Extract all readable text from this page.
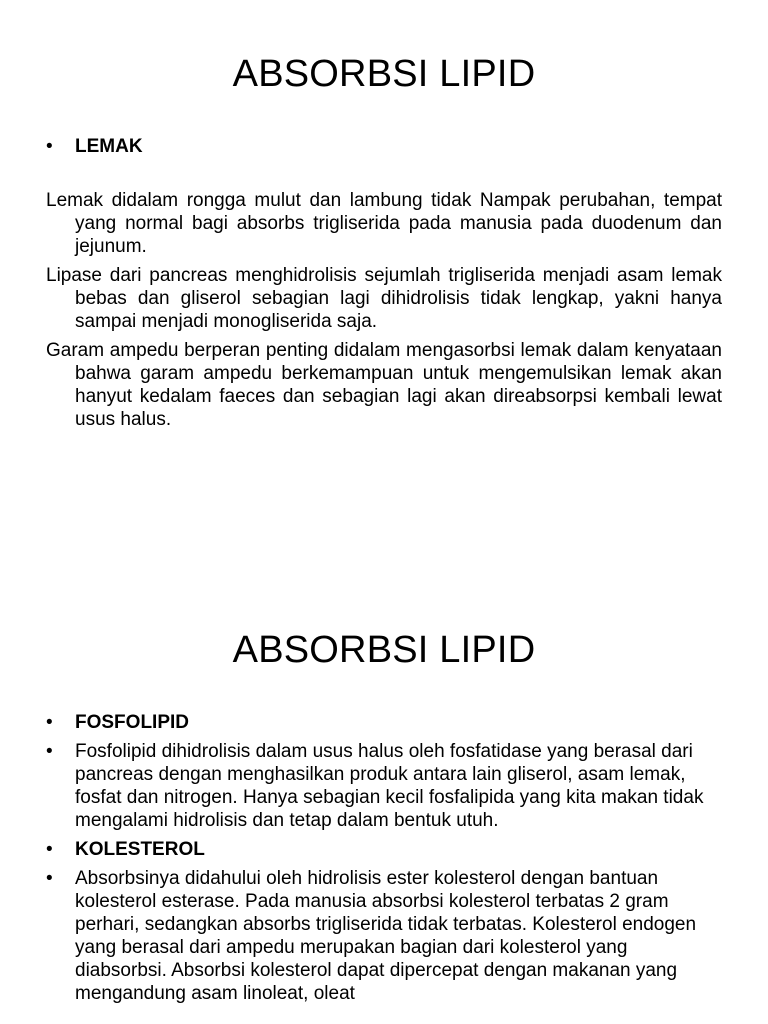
ABSORBSI LIPID
•	LEMAK
Lemak didalam rongga mulut dan lambung tidak Nampak perubahan, tempat yang normal bagi absorbs trigliserida pada manusia pada duodenum dan jejunum.
Lipase dari pancreas menghidrolisis sejumlah trigliserida menjadi asam lemak bebas dan gliserol sebagian lagi dihidrolisis tidak lengkap, yakni hanya sampai menjadi monogliserida saja.
Garam ampedu berperan penting didalam mengasorbsi lemak dalam kenyataan bahwa garam ampedu berkemampuan untuk mengemulsikan lemak akan hanyut kedalam faeces dan sebagian lagi akan direabsorpsi kembali lewat usus halus.
ABSORBSI LIPID
•	FOSFOLIPID
•	Fosfolipid dihidrolisis dalam usus halus oleh fosfatidase yang berasal dari pancreas dengan menghasilkan produk antara lain gliserol, asam lemak, fosfat dan nitrogen. Hanya sebagian kecil fosfalipida yang kita makan tidak mengalami hidrolisis dan tetap dalam bentuk utuh.
•	KOLESTEROL
•	Absorbsinya didahului oleh hidrolisis ester kolesterol dengan bantuan kolesterol esterase. Pada manusia absorbsi kolesterol terbatas 2 gram perhari, sedangkan absorbs trigliserida tidak terbatas. Kolesterol endogen yang berasal dari ampedu merupakan bagian dari kolesterol yang diabsorbsi. Absorbsi kolesterol dapat dipercepat dengan makanan yang mengandung asam linoleat, oleat
